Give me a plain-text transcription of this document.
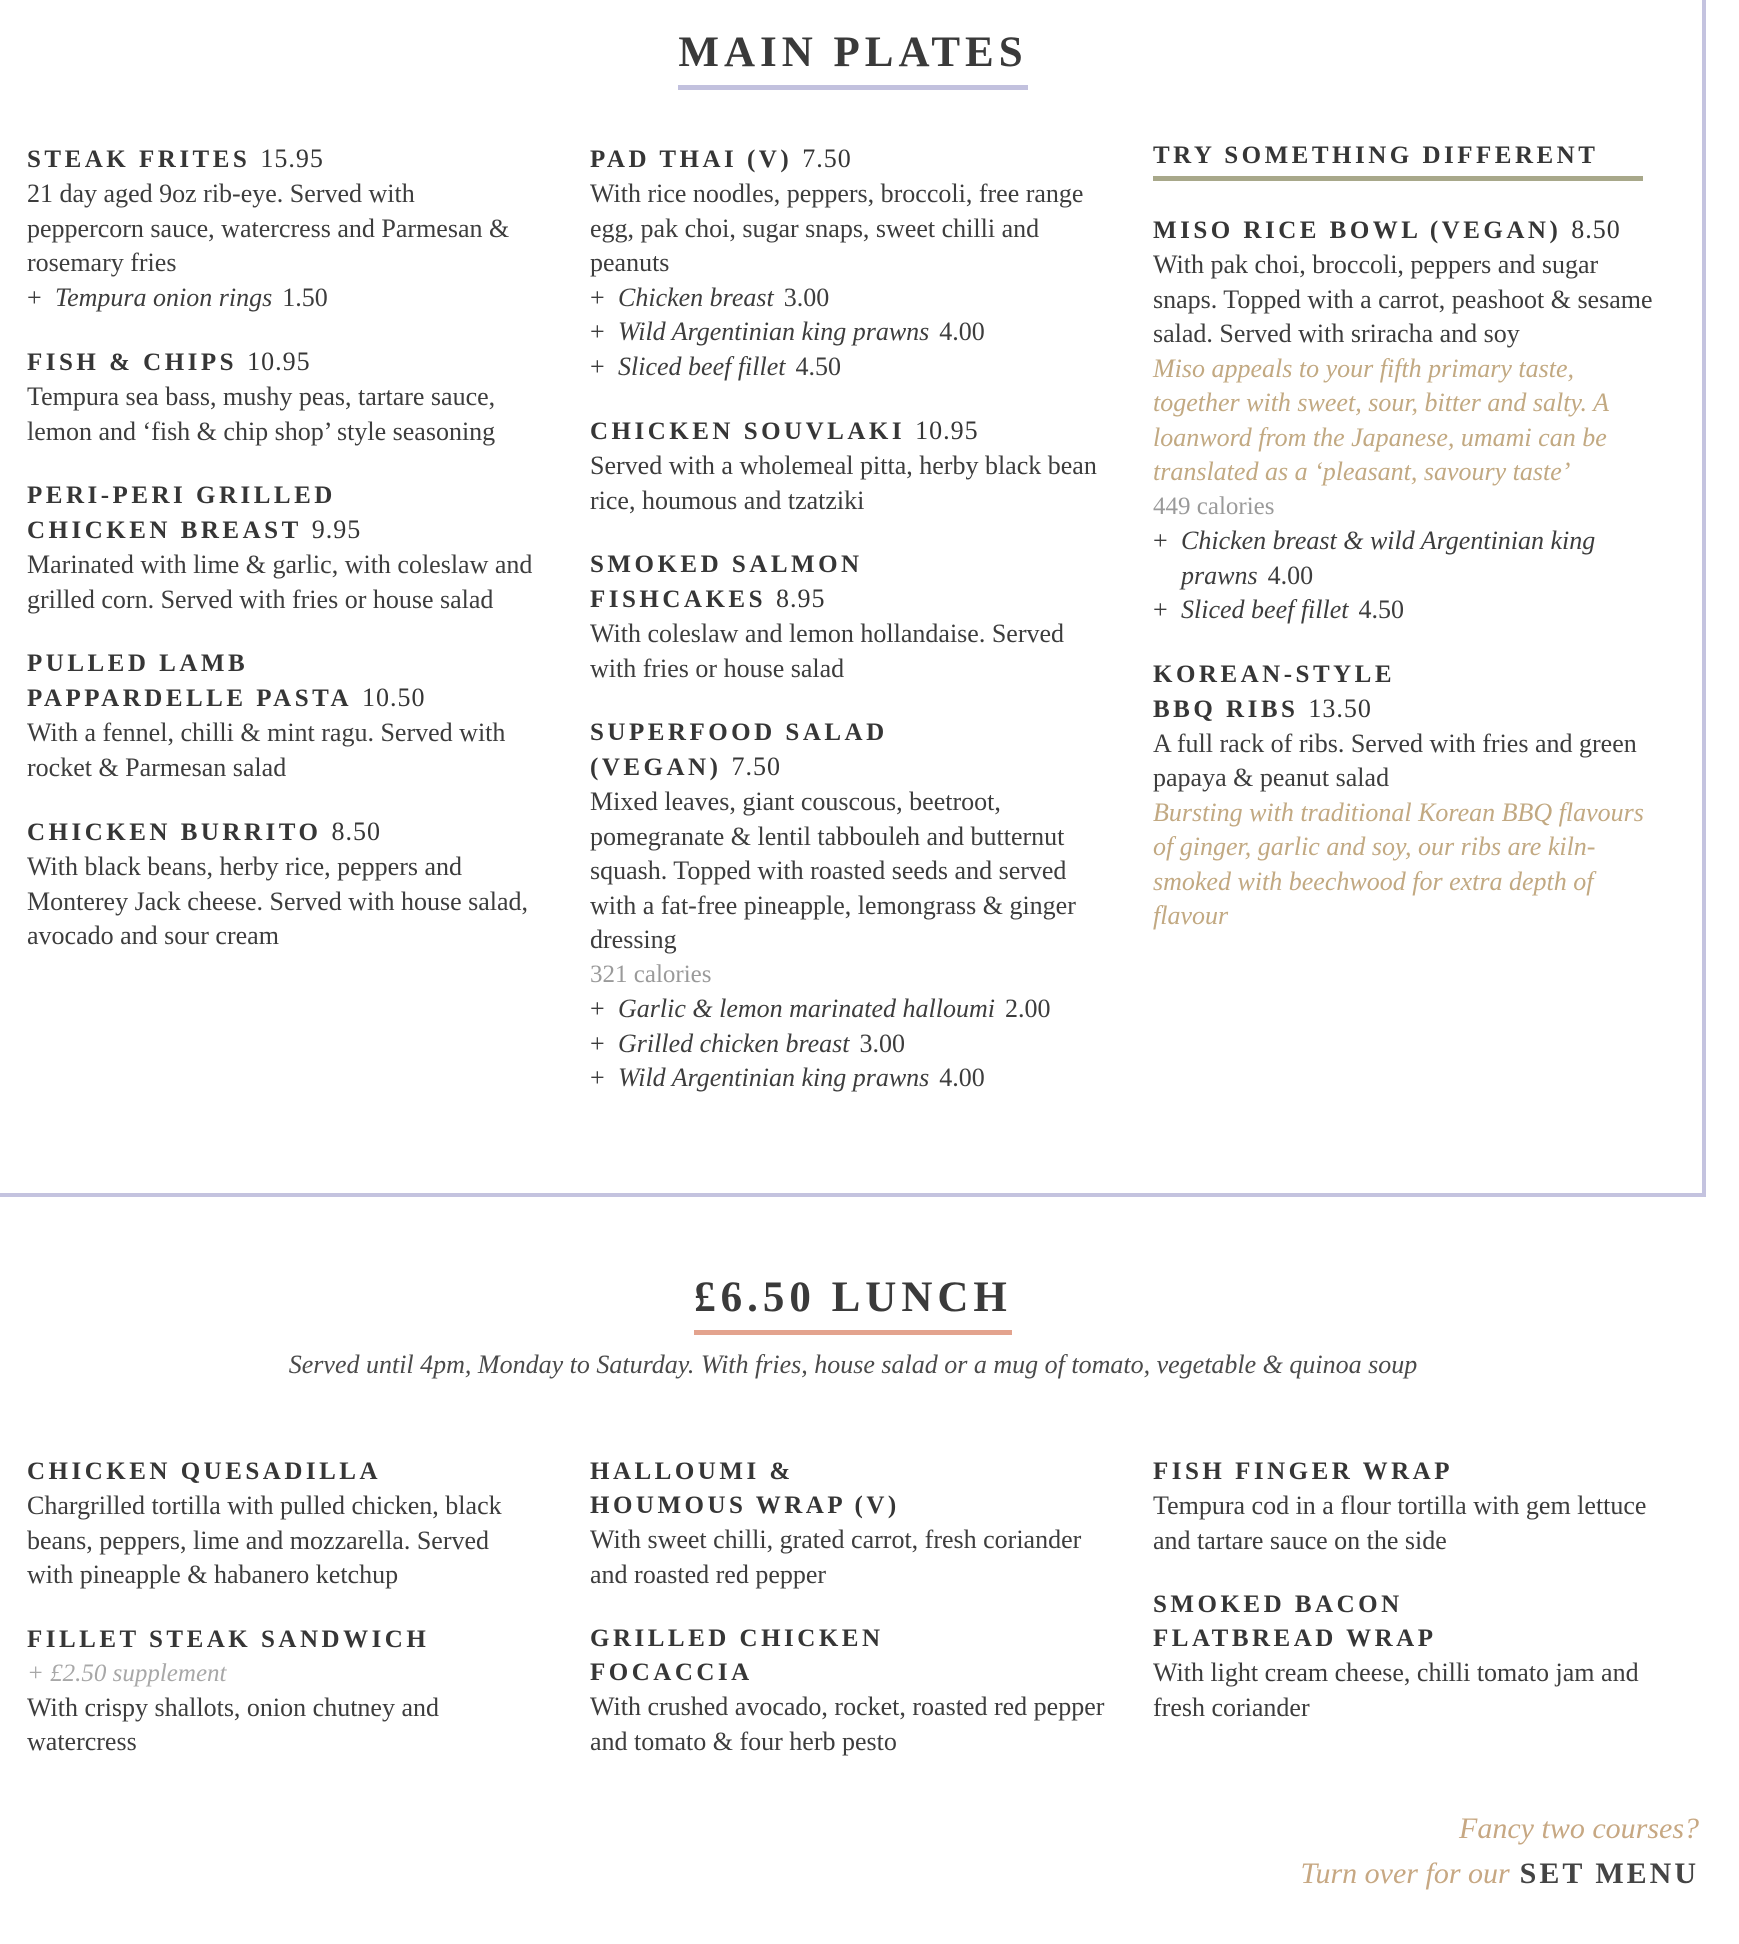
MAIN PLATES
STEAK FRITES 15.95
21 day aged 9oz rib-eye. Served with peppercorn sauce, watercress and Parmesan & rosemary fries
+ Tempura onion rings 1.50
FISH & CHIPS 10.95
Tempura sea bass, mushy peas, tartare sauce, lemon and ‘fish & chip shop’ style seasoning
PERI-PERI GRILLED
CHICKEN BREAST 9.95
Marinated with lime & garlic, with coleslaw and grilled corn. Served with fries or house salad
PULLED LAMB
PAPPARDELLE PASTA 10.50
With a fennel, chilli & mint ragu. Served with rocket & Parmesan salad
CHICKEN BURRITO 8.50
With black beans, herby rice, peppers and Monterey Jack cheese. Served with house salad, avocado and sour cream
PAD THAI (V) 7.50
With rice noodles, peppers, broccoli, free range egg, pak choi, sugar snaps, sweet chilli and peanuts
+ Chicken breast 3.00
+ Wild Argentinian king prawns 4.00
+ Sliced beef fillet 4.50
CHICKEN SOUVLAKI 10.95
Served with a wholemeal pitta, herby black bean rice, houmous and tzatziki
SMOKED SALMON
FISHCAKES 8.95
With coleslaw and lemon hollandaise. Served with fries or house salad
SUPERFOOD SALAD
(VEGAN) 7.50
Mixed leaves, giant couscous, beetroot, pomegranate & lentil tabbouleh and butternut squash. Topped with roasted seeds and served with a fat-free pineapple, lemongrass & ginger dressing
321 calories
+ Garlic & lemon marinated halloumi 2.00
+ Grilled chicken breast 3.00
+ Wild Argentinian king prawns 4.00
TRY SOMETHING DIFFERENT
MISO RICE BOWL (VEGAN) 8.50
With pak choi, broccoli, peppers and sugar snaps. Topped with a carrot, peashoot & sesame salad. Served with sriracha and soy
Miso appeals to your fifth primary taste, together with sweet, sour, bitter and salty. A loanword from the Japanese, umami can be translated as a ‘pleasant, savoury taste’
449 calories
+ Chicken breast & wild Argentinian king prawns 4.00
+ Sliced beef fillet 4.50
KOREAN-STYLE
BBQ RIBS 13.50
A full rack of ribs. Served with fries and green papaya & peanut salad
Bursting with traditional Korean BBQ flavours of ginger, garlic and soy, our ribs are kiln-smoked with beechwood for extra depth of flavour
£6.50 LUNCH
Served until 4pm, Monday to Saturday. With fries, house salad or a mug of tomato, vegetable & quinoa soup
CHICKEN QUESADILLA
Chargrilled tortilla with pulled chicken, black beans, peppers, lime and mozzarella. Served with pineapple & habanero ketchup
FILLET STEAK SANDWICH
+ £2.50 supplement
With crispy shallots, onion chutney and watercress
HALLOUMI &
HOUMOUS WRAP (V)
With sweet chilli, grated carrot, fresh coriander and roasted red pepper
GRILLED CHICKEN
FOCACCIA
With crushed avocado, rocket, roasted red pepper and tomato & four herb pesto
FISH FINGER WRAP
Tempura cod in a flour tortilla with gem lettuce and tartare sauce on the side
SMOKED BACON
FLATBREAD WRAP
With light cream cheese, chilli tomato jam and fresh coriander
Fancy two courses?
Turn over for our SET MENU
